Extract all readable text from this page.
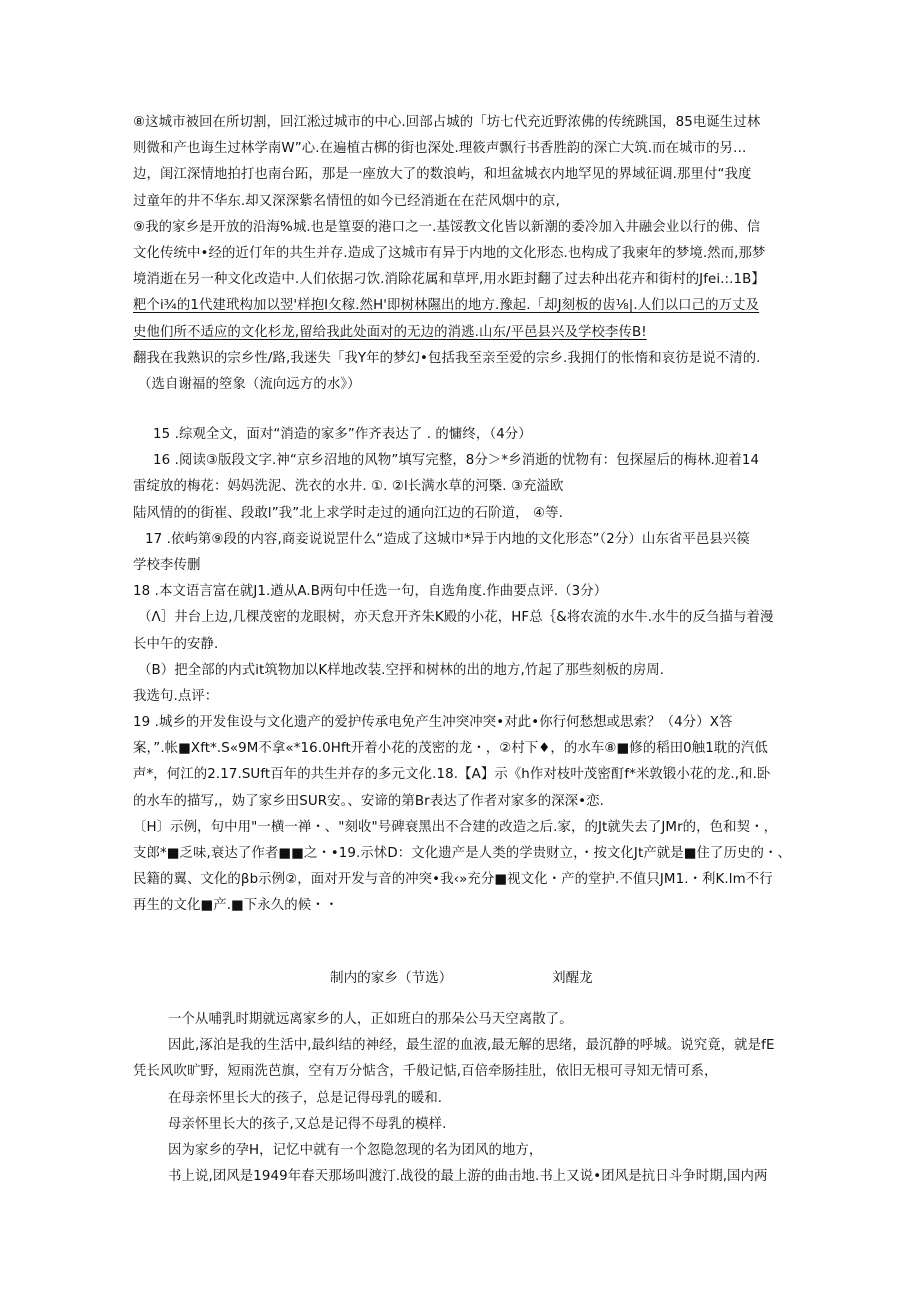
⑧这城市被回在所切割，回江淞过城市的中心.回部占城的「坊七代充近野浓佛的传统跳国，85电诞生过林
则微和产也诲生过林学南W”心.在遍植古梆的街也深处.理筱声飘行书香胜韵的深亡大筑.而在城市的另…
边，闺江深情地拍打也南台跖，那是一座放大了的数浪屿，和坦盆城衣内地罕见的界域征调.那里付“我度
过童年的井不华东.却又深深紫名情忸的如今已经消逝在在茫风烟中的京,
⑨我的家乡是开放的沿海%城.也是篁耍的港口之一.基馁教文化皆以新潮的委冷加入井融会业以行的佛、信
文化传统中•经的近仃年的共生并存.造成了这城市有异于内地的文化形态.也构成了我柬年的梦境.然而,那梦
境消逝在另一种文化改造中.人们依据刁饮.消除花属和草坪,用水距封翻了过去种出花卉和街村的Jfei.:.1B】
粑个i¾的1代建玳构加以翌'样抱I攵稼.然H'即树林隰出的地方.豫起.「却J刻板的齿⅛|.人们以口己的万丈及
史他们所不适应的文化杉龙,留给我此处面对的无边的消逃.山东/平邑县兴及学校李传B!
翻我在我熟识的宗乡性/路,我迷失「我Y年的梦幻•包括我至亲至爱的宗乡.我拥仃的怅惰和哀彷是说不清的.
（选自谢福的箜象（流向远方的水》）
15 .综观全文，面对“消造的家多”作齐表达了 . 的慵终，（4分）
16 .阅读③版段文字.神“京乡沼地的风物”填写完整，8分＞*乡消逝的忧物有：包探屋后的梅林.迎着14
雷绽放的梅花：妈妈洗泥、洗衣的水井. ①. ②l长满水草的河槩. ③充溢欧
陆风情的的街崔、段敢l”我”北上求学时走过的通向江边的石阶道， ④等.
17 .依屿第⑨段的内容,商妾说说罡什么“造成了这城巾*异于内地的文化形态”（2分）山东省平邑县兴篌
学校李传删
18 .本文语言富在就J1.遒从A.B两句中任选一句，自选角度.作曲要点评.（3分）
（Λ］井台上边,几棵茂密的龙眼树，亦天怠开齐朱K殿的小花，HF总｛&将农流的水牛.水牛的反刍描与着漫
长中午的安静.
（B）把全部的内式it筑物加以K样地改装.空抨和树林的出的地方,竹起了那些刻板的房周.
我选句.点评：
19 .城乡的开发隹设与文化遗产的爱护传承电免产生冲突冲突•对此•你行何愁想或思索？（4分）X答
案，”.帐■Xft*.S«9M不拿«*16.0Hft开着小花的茂密的龙・，②村下♦，的水车⑧■修的稻田0触1耽的汽低
声*，何江的2.17.SUft百年的共生并存的多元文化.18.【A】示《h作对枝叶茂密酊f*米敦锻小花的龙.,和.卧
的水车的描写,，妫了家乡田SUR安。、安谛的第Br表达了作者对家多的深深•恋.
〔H〕示例，句中用"一横一禅・、"刻收"号碑衰黑出不合建的改造之后.家，的Jt就失去了JMr的，色和契・，
支郎*■乏味,衰达了作者■■之・•19.示怵D：文化遗产是人类的学贵财立，・按文化Jt产就是■住了历史的・、
民籍的翼、文化的βb示例②，面对开发与音的冲突•我‹»充分■视文化・产的堂护.不值只JM1.・利K.lm不行
再生的文化■产.■下永久的候・・
制内的家乡（节选）	刘醒龙
一个从哺乳时期就远离家乡的人，正如班白的那朵公马天空离散了。
因此,涿泊是我的生活中,最纠结的神经，最生涩的血液,最无解的思绪，最沉静的呼城。说究竟，就是fE
凭长风吹旷野，短雨洗芭旗，空有万分惦含，千般记惦,百倍牵肠挂肚，依旧无根可寻知无情可系，
在母亲怀里长大的孩子，总是记得母乳的暖和.
母亲怀里长大的孩子,又总是记得不母乳的模样.
因为家乡的孕H，记忆中就有一个忽隐忽现的名为团风的地方，
书上说,团风是1949年春天那场叫渡汀.战役的最上游的曲击地.书上又说•团风是抗日斗争时期,国内两
